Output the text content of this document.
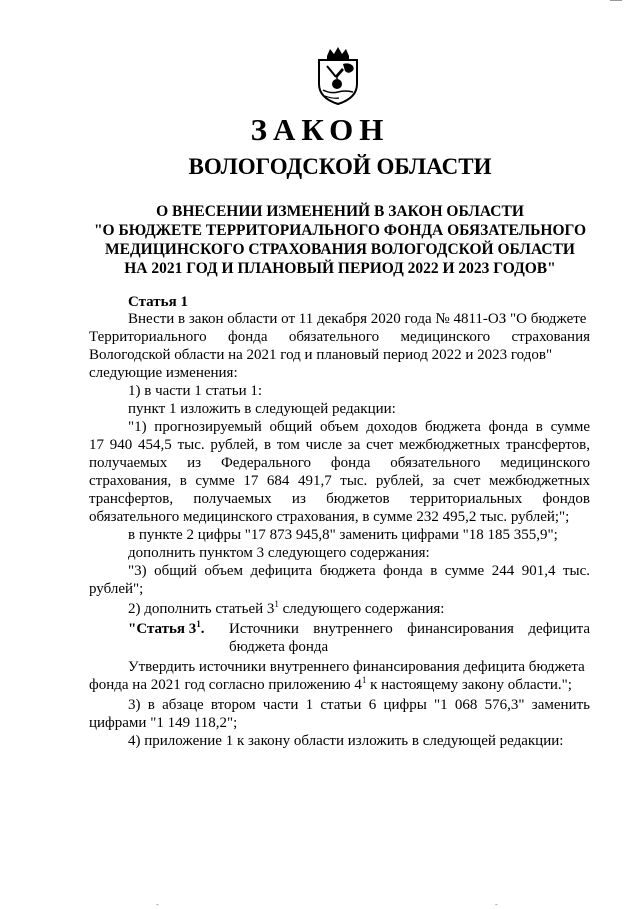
ЗАКОН
ВОЛОГОДСКОЙ ОБЛАСТИ
О ВНЕСЕНИИ ИЗМЕНЕНИЙ В ЗАКОН ОБЛАСТИ
"О БЮДЖЕТЕ ТЕРРИТОРИАЛЬНОГО ФОНДА ОБЯЗАТЕЛЬНОГО
МЕДИЦИНСКОГО СТРАХОВАНИЯ ВОЛОГОДСКОЙ ОБЛАСТИ
НА 2021 ГОД И ПЛАНОВЫЙ ПЕРИОД 2022 И 2023 ГОДОВ"
Статья 1
Внести в закон области от 11 декабря 2020 года № 4811-ОЗ "О бюджете
Территориального фонда обязательного медицинского страхования
Вологодской области на 2021 год и плановый период 2022 и 2023 годов"
следующие изменения:
1) в части 1 статьи 1:
пункт 1 изложить в следующей редакции:
"1) прогнозируемый общий объем доходов бюджета фонда в сумме
17 940 454,5 тыс. рублей, в том числе за счет межбюджетных трансфертов,
получаемых из Федерального фонда обязательного медицинского
страхования, в сумме 17 684 491,7 тыс. рублей, за счет межбюджетных
трансфертов, получаемых из бюджетов территориальных фондов
обязательного медицинского страхования, в сумме 232 495,2 тыс. рублей;";
в пункте 2 цифры "17 873 945,8" заменить цифрами "18 185 355,9";
дополнить пунктом 3 следующего содержания:
"3) общий объем дефицита бюджета фонда в сумме 244 901,4 тыс.
рублей";
2) дополнить статьей $3^1$ следующего содержания:
"Статья $3^1$. Источники внутреннего финансирования дефицита
бюджета фонда
Утвердить источники внутреннего финансирования дефицита бюджета
фонда на 2021 год согласно приложению $4^1$ к настоящему закону области.";
3) в абзаце втором части 1 статьи 6 цифры "1 068 576,3" заменить
цифрами "1 149 118,2";
4) приложение 1 к закону области изложить в следующей редакции:
-	-
